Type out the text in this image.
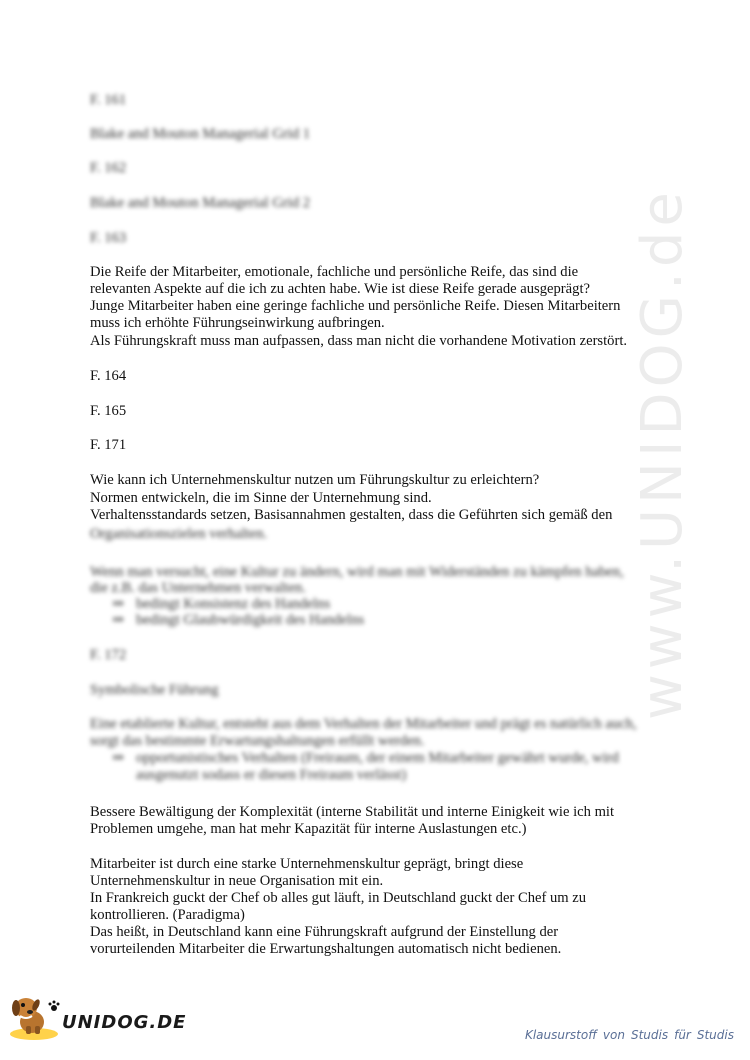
www.UNIDOG.de
F. 161
Blake and Mouton Managerial Grid 1
F. 162
Blake and Mouton Managerial Grid 2
F. 163
Die Reife der Mitarbeiter, emotionale, fachliche und persönliche Reife, das sind die
relevanten Aspekte auf die ich zu achten habe. Wie ist diese Reife gerade ausgeprägt?
Junge Mitarbeiter haben eine geringe fachliche und persönliche Reife. Diesen Mitarbeitern
muss ich erhöhte Führungseinwirkung aufbringen.
Als Führungskraft muss man aufpassen, dass man nicht die vorhandene Motivation zerstört.
F. 164
F. 165
F. 171
Wie kann ich Unternehmenskultur nutzen um Führungskultur zu erleichtern?
Normen entwickeln, die im Sinne der Unternehmung sind.
Verhaltensstandards setzen, Basisannahmen gestalten, dass die Geführten sich gemäß den
Organisationszielen verhalten.
Wenn man versucht, eine Kultur zu ändern, wird man mit Widerständen zu kämpfen haben,
die z.B. das Unternehmen verwalten.
⇒ bedingt Konsistenz des Handelns
⇒ bedingt Glaubwürdigkeit des Handelns
F. 172
Symbolische Führung
Eine etablierte Kultur, entsteht aus dem Verhalten der Mitarbeiter und prägt es natürlich auch,
sorgt das bestimmte Erwartungshaltungen erfüllt werden.
⇒ opportunistisches Verhalten (Freiraum, der einem Mitarbeiter gewährt wurde, wird
ausgenutzt sodass er diesen Freiraum verlässt)
Bessere Bewältigung der Komplexität (interne Stabilität und interne Einigkeit wie ich mit
Problemen umgehe, man hat mehr Kapazität für interne Auslastungen etc.)
Mitarbeiter ist durch eine starke Unternehmenskultur geprägt, bringt diese
Unternehmenskultur in neue Organisation mit ein.
In Frankreich guckt der Chef ob alles gut läuft, in Deutschland guckt der Chef um zu
kontrollieren. (Paradigma)
Das heißt, in Deutschland kann eine Führungskraft aufgrund der Einstellung der
vorurteilenden Mitarbeiter die Erwartungshaltungen automatisch nicht bedienen.
UNIDOG.DE
Klausurstoff von Studis für Studis
